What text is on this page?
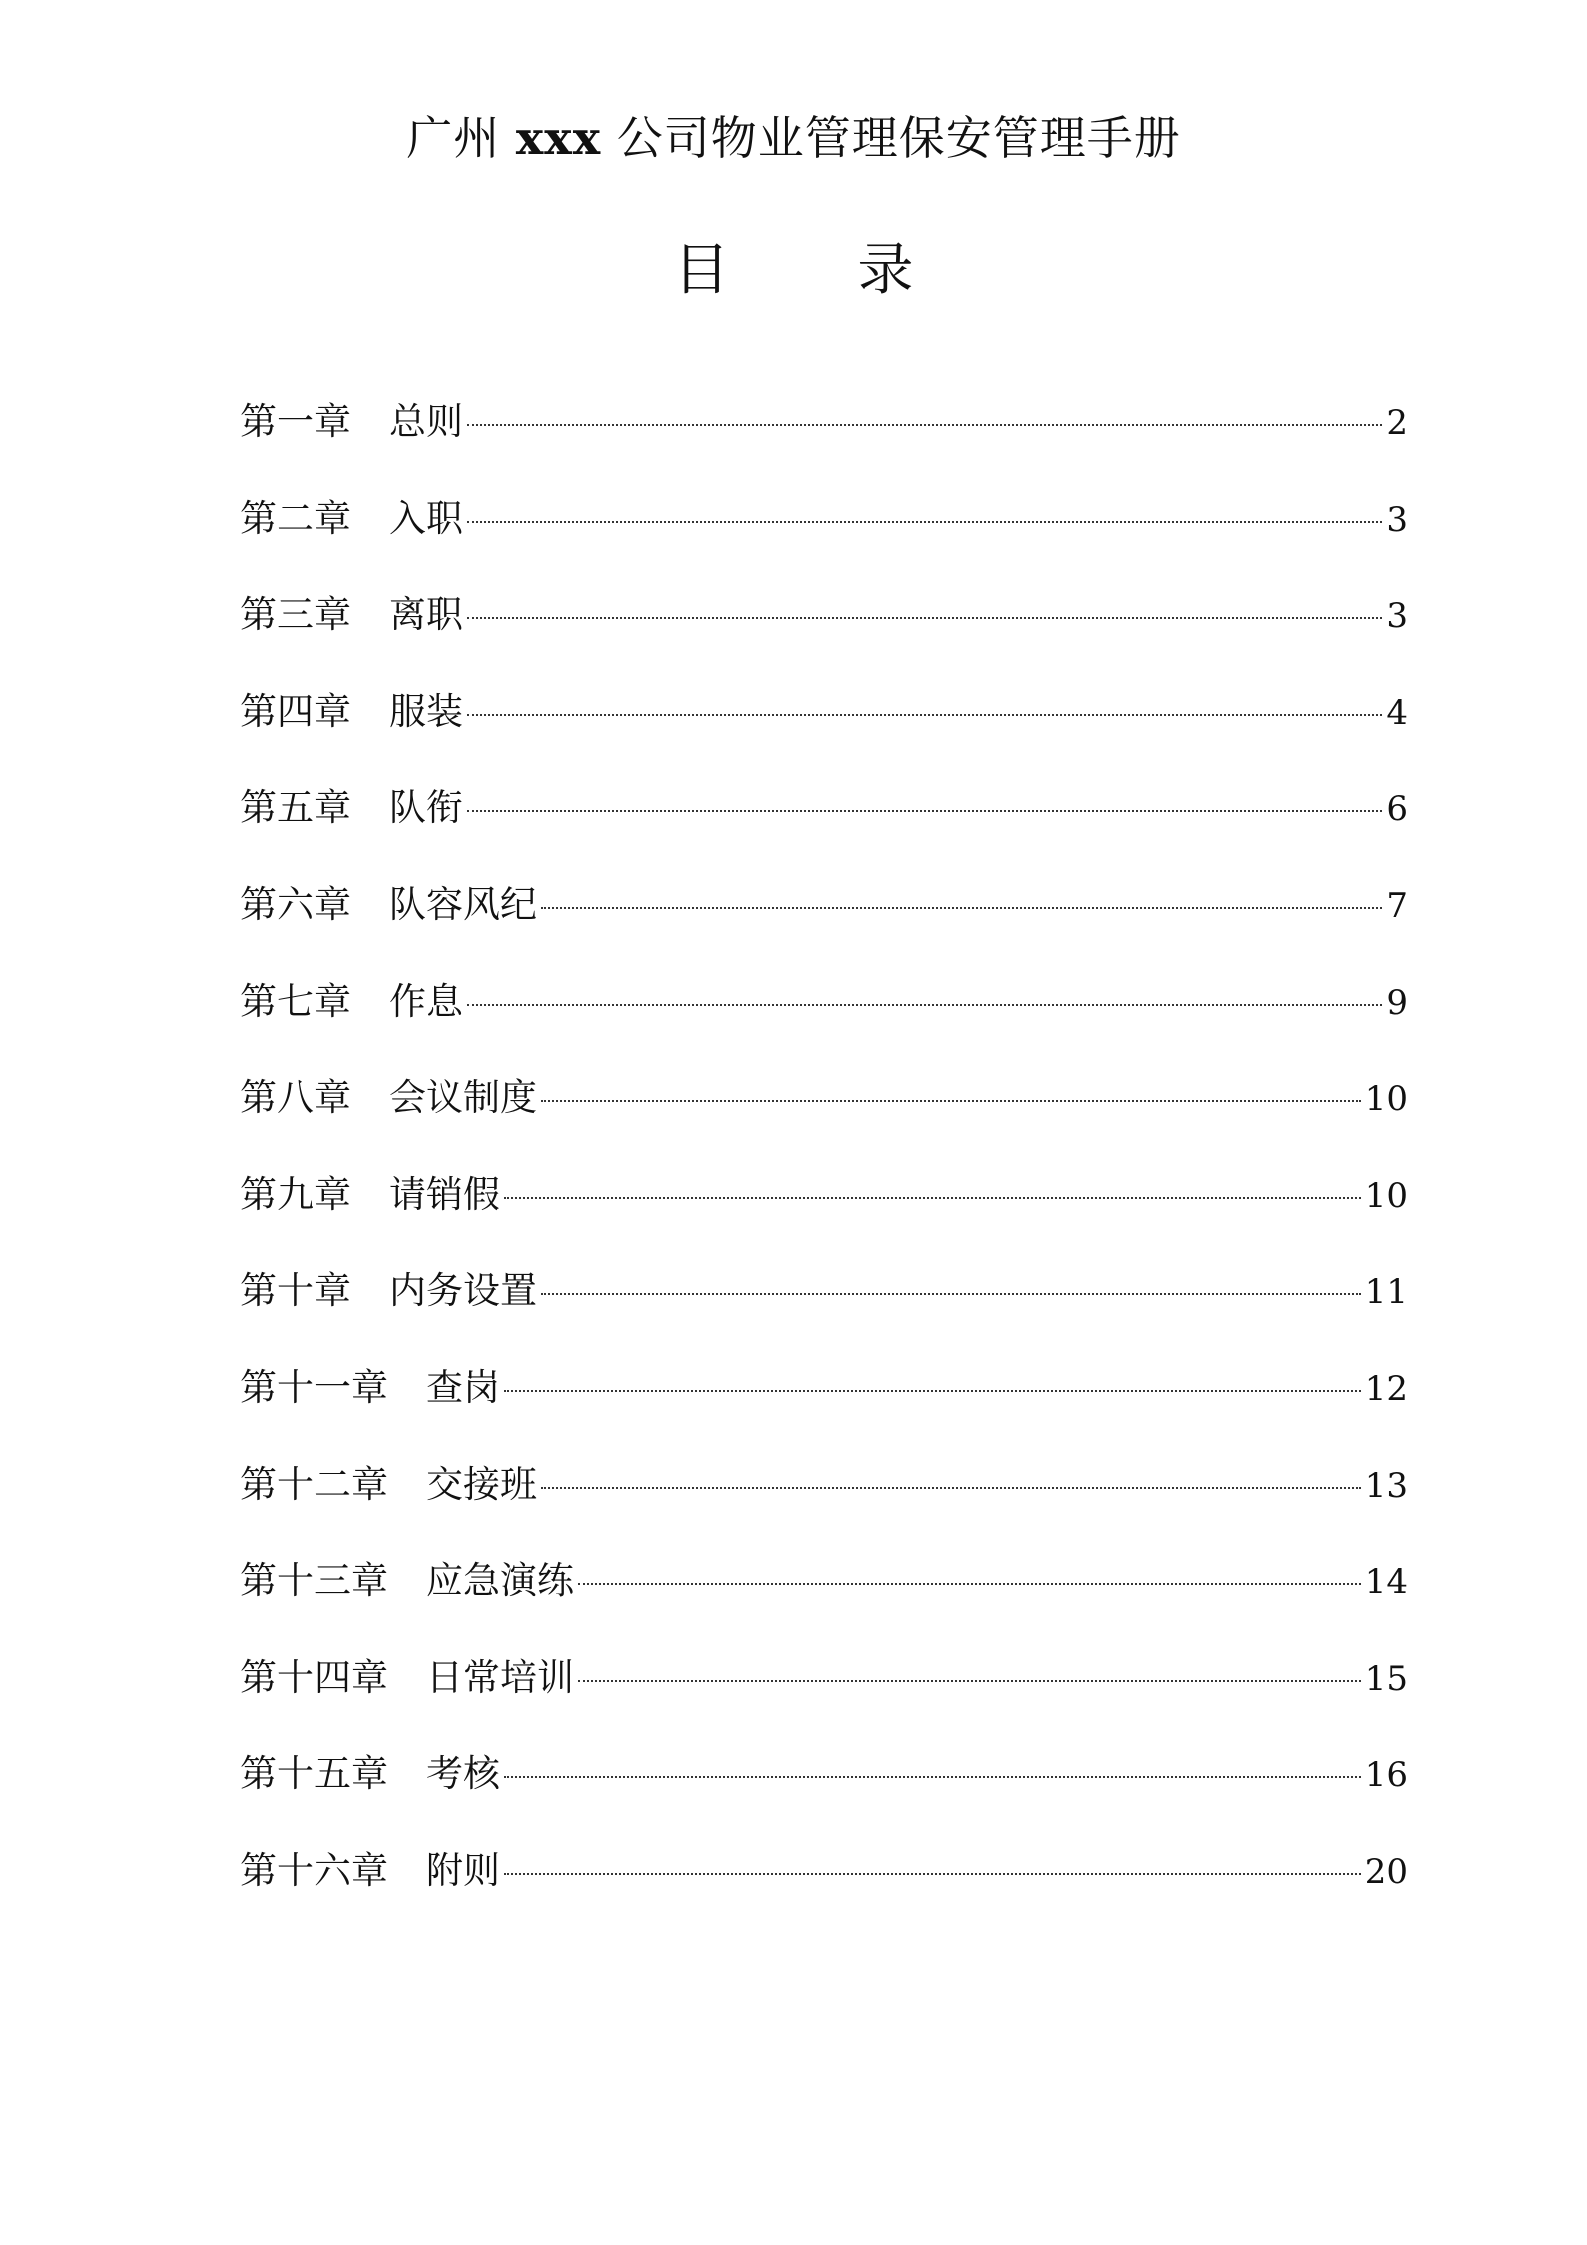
广州 xxx 公司物业管理保安管理手册
目 录
第一章 总则	2
第二章 入职	3
第三章 离职	3
第四章 服装	4
第五章 队衔	6
第六章 队容风纪	7
第七章 作息	9
第八章 会议制度	10
第九章 请销假	10
第十章 内务设置	11
第十一章 查岗	12
第十二章 交接班	13
第十三章 应急演练	14
第十四章 日常培训	15
第十五章 考核	16
第十六章 附则	20
